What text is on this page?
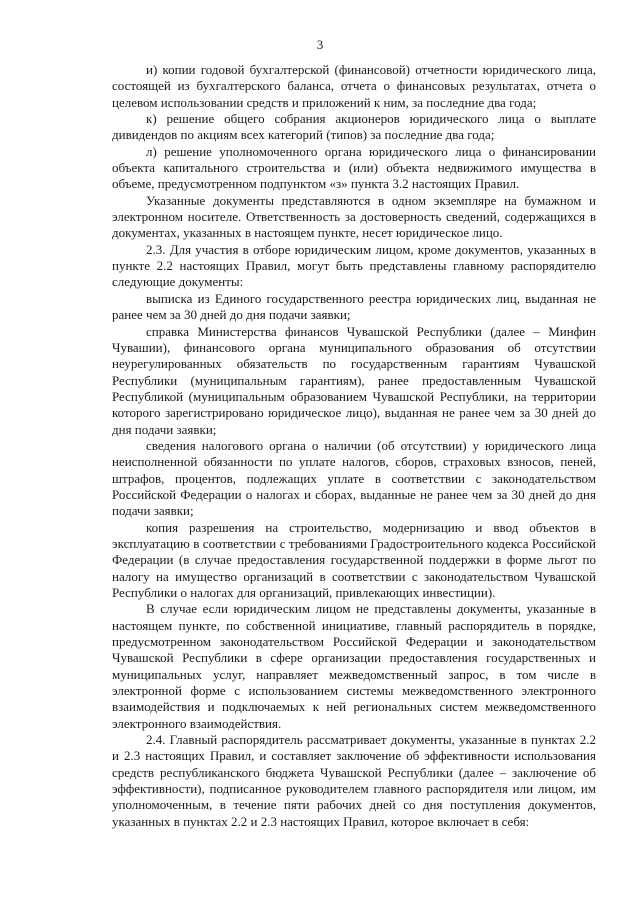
3

и) копии годовой бухгалтерской (финансовой) отчетности юридического лица, состоящей из бухгалтерского баланса, отчета о финансовых результатах, отчета о целевом использовании средств и приложений к ним, за последние два года;

к) решение общего собрания акционеров юридического лица о выплате дивидендов по акциям всех категорий (типов) за последние два года;

л) решение уполномоченного органа юридического лица о финансировании объекта капитального строительства и (или) объекта недвижимого имущества в объеме, предусмотренном подпунктом «з» пункта 3.2 настоящих Правил.

Указанные документы представляются в одном экземпляре на бумажном и электронном носителе. Ответственность за достоверность сведений, содержащихся в документах, указанных в настоящем пункте, несет юридическое лицо.

2.3. Для участия в отборе юридическим лицом, кроме документов, указанных в пункте 2.2 настоящих Правил, могут быть представлены главному распорядителю следующие документы:

выписка из Единого государственного реестра юридических лиц, выданная не ранее чем за 30 дней до дня подачи заявки;

справка Министерства финансов Чувашской Республики (далее – Минфин Чувашии), финансового органа муниципального образования об отсутствии неурегулированных обязательств по государственным гарантиям Чувашской Республики (муниципальным гарантиям), ранее предоставленным Чувашской Республикой (муниципальным образованием Чувашской Республики, на территории которого зарегистрировано юридическое лицо), выданная не ранее чем за 30 дней до дня подачи заявки;

сведения налогового органа о наличии (об отсутствии) у юридического лица неисполненной обязанности по уплате налогов, сборов, страховых взносов, пеней, штрафов, процентов, подлежащих уплате в соответствии с законодательством Российской Федерации о налогах и сборах, выданные не ранее чем за 30 дней до дня подачи заявки;

копия разрешения на строительство, модернизацию и ввод объектов в эксплуатацию в соответствии с требованиями Градостроительного кодекса Российской Федерации (в случае предоставления государственной поддержки в форме льгот по налогу на имущество организаций в соответствии с законодательством Чувашской Республики о налогах для организаций, привлекающих инвестиции).

В случае если юридическим лицом не представлены документы, указанные в настоящем пункте, по собственной инициативе, главный распорядитель в порядке, предусмотренном законодательством Российской Федерации и законодательством Чувашской Республики в сфере организации предоставления государственных и муниципальных услуг, направляет межведомственный запрос, в том числе в электронной форме с использованием системы межведомственного электронного взаимодействия и подключаемых к ней региональных систем межведомственного электронного взаимодействия.

2.4. Главный распорядитель рассматривает документы, указанные в пунктах 2.2 и 2.3 настоящих Правил, и составляет заключение об эффективности использования средств республиканского бюджета Чувашской Республики (далее – заключение об эффективности), подписанное руководителем главного распорядителя или лицом, им уполномоченным, в течение пяти рабочих дней со дня поступления документов, указанных в пунктах 2.2 и 2.3 настоящих Правил, которое включает в себя:
